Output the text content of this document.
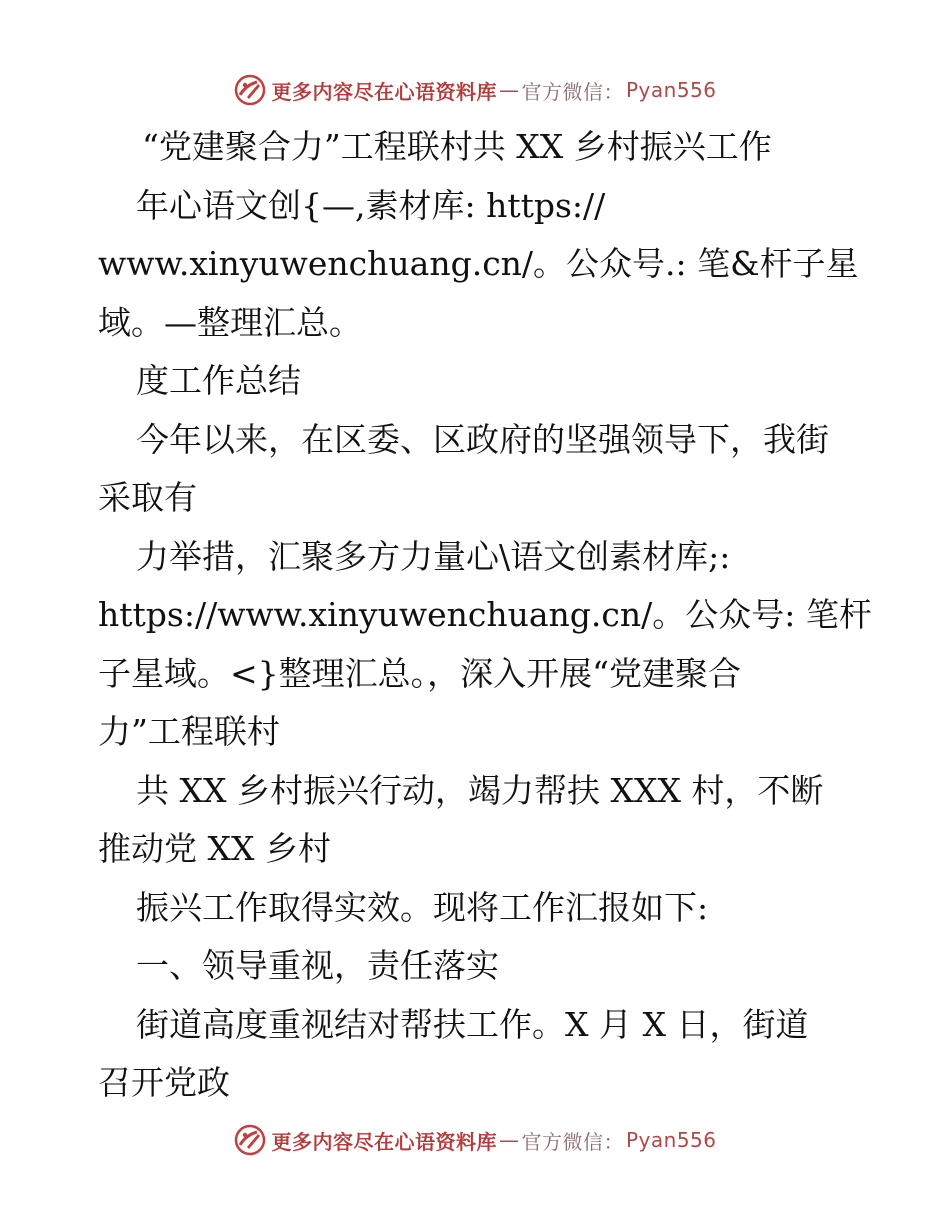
更多内容尽在心语资料库 — 官方微信： Pyan556
“党建聚合力”工程联村共 XX 乡村振兴工作
年心语文创{—,素材库: https://
www.xinyuwenchuang.cn/。公众号.: 笔&杆子星
域。—整理汇总。
度工作总结
今年以来，在区委、区政府的坚强领导下，我街
采取有
力举措，汇聚多方力量心\语文创素材库;:
https://www.xinyuwenchuang.cn/。公众号: 笔杆
子星域。<}整理汇总。，深入开展“党建聚合
力”工程联村
共 XX 乡村振兴行动，竭力帮扶 XXX 村，不断
推动党 XX 乡村
振兴工作取得实效。现将工作汇报如下:
一、领导重视，责任落实
街道高度重视结对帮扶工作。X 月 X 日，街道
召开党政
更多内容尽在心语资料库 — 官方微信： Pyan556
